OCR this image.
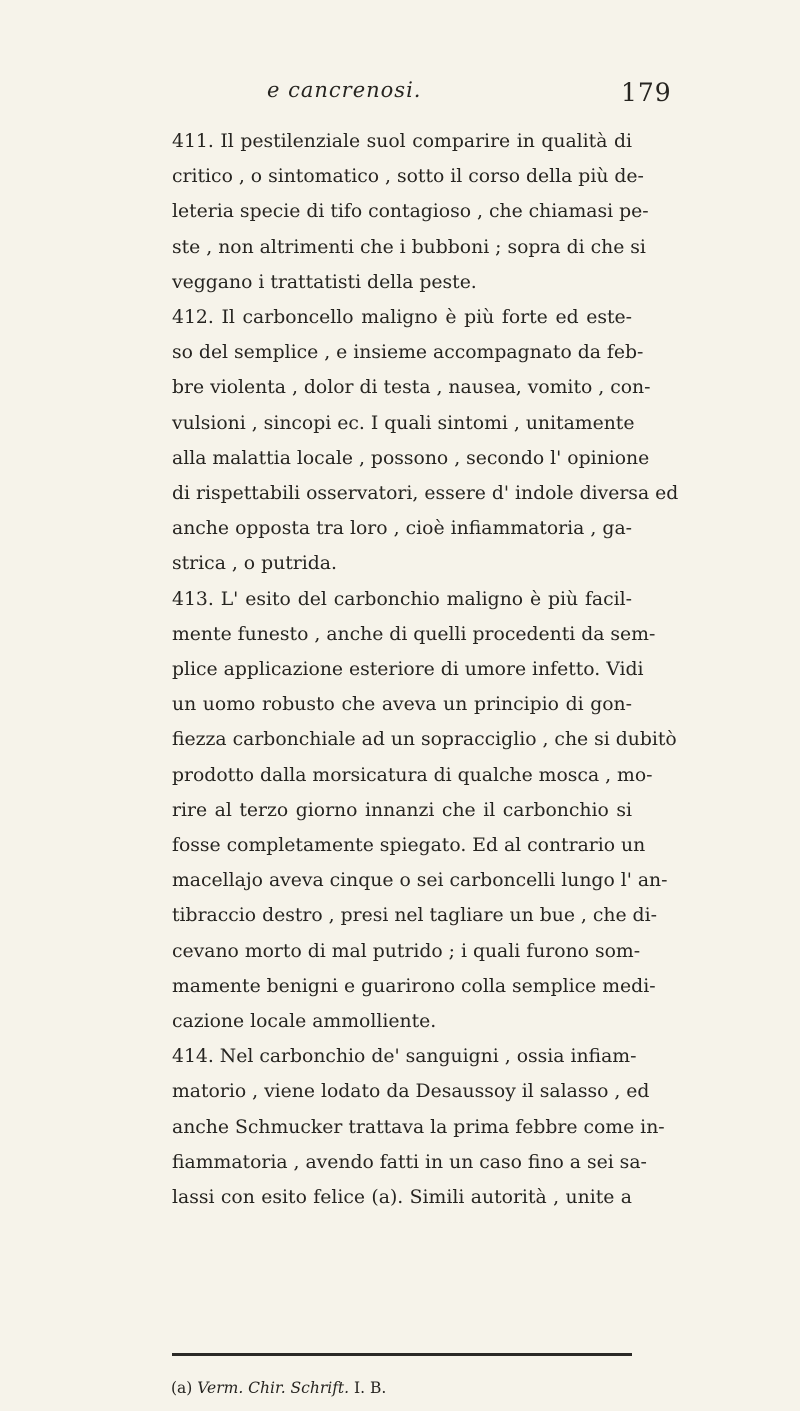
e cancrenosi.	179
411. Il pestilenziale suol comparire in qualità di
critico , o sintomatico , sotto il corso della più de-
leteria specie di tifo contagioso , che chiamasi pe-
ste , non altrimenti che i bubboni ; sopra di che si
veggano i trattatisti della peste.
412. Il carboncello maligno è più forte ed este-
so del semplice , e insieme accompagnato da feb-
bre violenta , dolor di testa , nausea, vomito , con-
vulsioni , sincopi ec. I quali sintomi , unitamente
alla malattia locale , possono , secondo l' opinione
di rispettabili osservatori, essere d' indole diversa ed
anche opposta tra loro , cioè infiammatoria , ga-
strica , o putrida.
413. L' esito del carbonchio maligno è più facil-
mente funesto , anche di quelli procedenti da sem-
plice applicazione esteriore di umore infetto. Vidi
un uomo robusto che aveva un principio di gon-
fiezza carbonchiale ad un sopracciglio , che si dubitò
prodotto dalla morsicatura di qualche mosca , mo-
rire al terzo giorno innanzi che il carbonchio si
fosse completamente spiegato. Ed al contrario un
macellajo aveva cinque o sei carboncelli lungo l' an-
tibraccio destro , presi nel tagliare un bue , che di-
cevano morto di mal putrido ; i quali furono som-
mamente benigni e guarirono colla semplice medi-
cazione locale ammolliente.
414. Nel carbonchio de' sanguigni , ossia infiam-
matorio , viene lodato da Desaussoy il salasso , ed
anche Schmucker trattava la prima febbre come in-
fiammatoria , avendo fatti in un caso fino a sei sa-
lassi con esito felice (a). Simili autorità , unite a
(a) Verm. Chir. Schrift. I. B.
